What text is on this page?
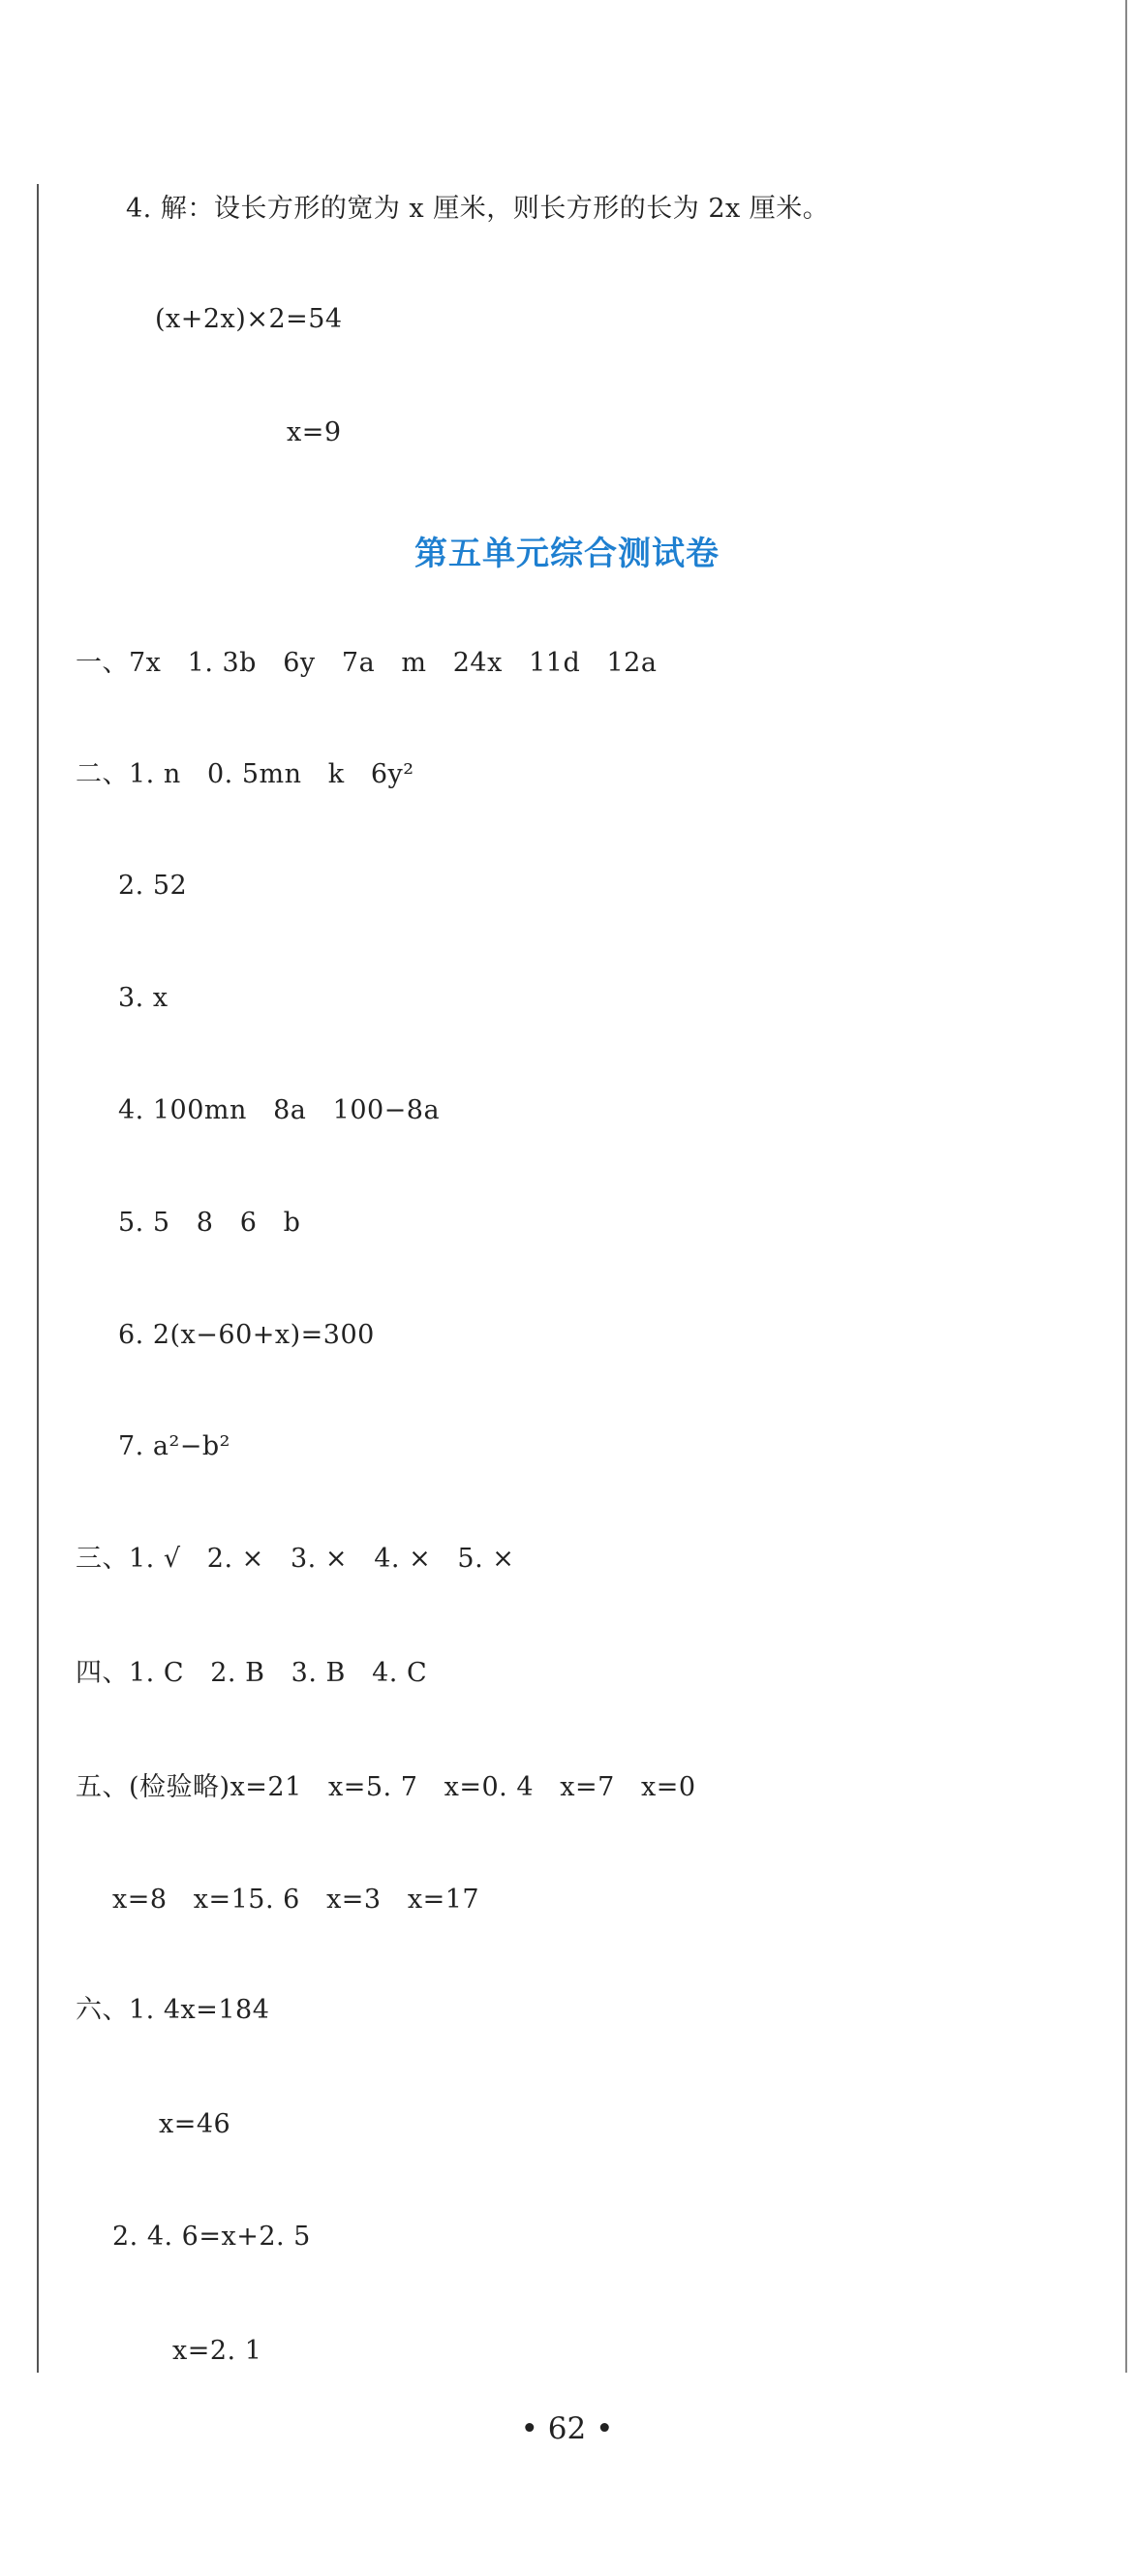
4. 解：设长方形的宽为 x 厘米，则长方形的长为 2x 厘米。
(x+2x)×2=54
x=9
第五单元综合测试卷
一、7x   1. 3b   6y   7a   m   24x   11d   12a
二、1. n   0. 5mn   k   6y²
2. 52
3. x
4. 100mn   8a   100−8a
5. 5   8   6   b
6. 2(x−60+x)=300
7. a²−b²
三、1. √   2. ×   3. ×   4. ×   5. ×
四、1. C   2. B   3. B   4. C
五、(检验略)x=21   x=5. 7   x=0. 4   x=7   x=0
x=8   x=15. 6   x=3   x=17
六、1. 4x=184
x=46
2. 4. 6=x+2. 5
x=2. 1
• 62 •
